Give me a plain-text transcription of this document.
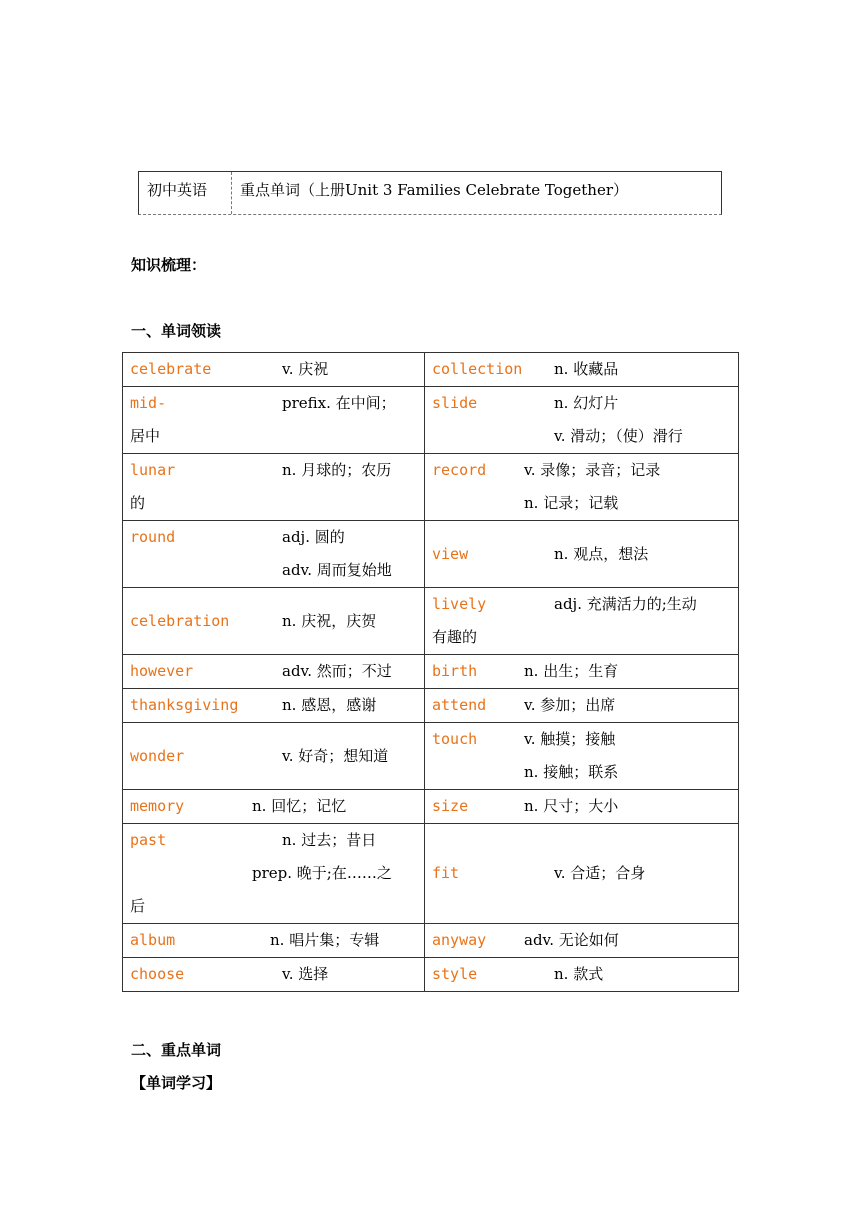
初中英语	重点单词（上册Unit 3 Families Celebrate Together）
知识梳理：
一、单词领读
celebrate v. 庆祝	collection n. 收藏品

mid- prefix. 在中间；
居中	slide n. 幻灯片
v. 滑动；（使）滑行

lunar n. 月球的；农历
的	record v. 录像；录音；记录
n. 记录；记载

round adj. 圆的
adv. 周而复始地	view n. 观点，想法

celebration n. 庆祝，庆贺	lively adj. 充满活力的;生动
有趣的

however adv. 然而；不过	birth n. 出生；生育

thanksgiving n. 感恩，感谢	attend v. 参加；出席

wonder v. 好奇；想知道	touch v. 触摸；接触
n. 接触；联系

memory n. 回忆；记忆	size n. 尺寸；大小

past n. 过去；昔日
prep. 晚于;在……之
后	fit v. 合适；合身

album n. 唱片集；专辑	anyway adv. 无论如何

choose v. 选择	style n. 款式
二、重点单词
【单词学习】
